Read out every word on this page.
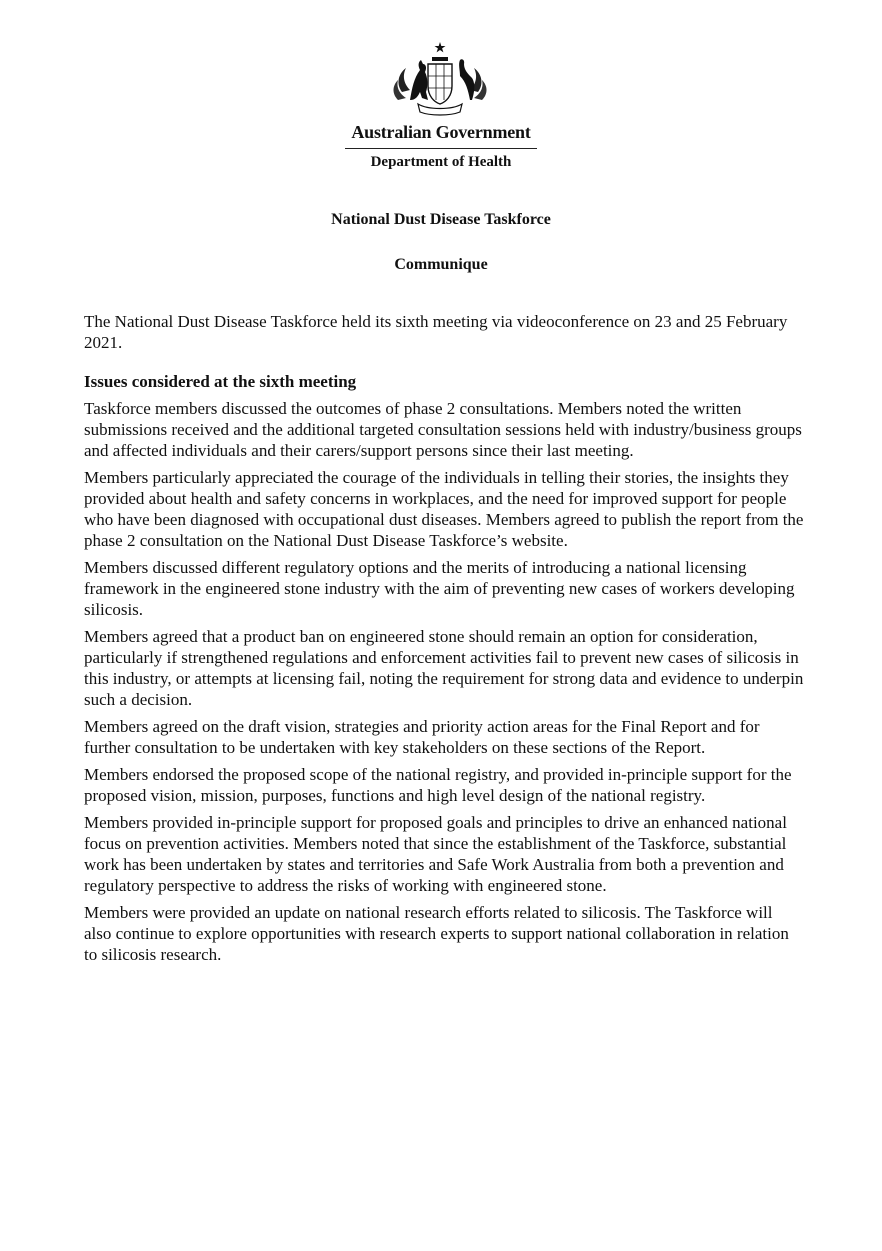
Australian Government
Department of Health
National Dust Disease Taskforce
Communique

The National Dust Disease Taskforce held its sixth meeting via videoconference on 23 and 25 February 2021.

Issues considered at the sixth meeting

Taskforce members discussed the outcomes of phase 2 consultations. Members noted the written submissions received and the additional targeted consultation sessions held with industry/business groups and affected individuals and their carers/support persons since their last meeting.

Members particularly appreciated the courage of the individuals in telling their stories, the insights they provided about health and safety concerns in workplaces, and the need for improved support for people who have been diagnosed with occupational dust diseases. Members agreed to publish the report from the phase 2 consultation on the National Dust Disease Taskforce’s website.

Members discussed different regulatory options and the merits of introducing a national licensing framework in the engineered stone industry with the aim of preventing new cases of workers developing silicosis.

Members agreed that a product ban on engineered stone should remain an option for consideration, particularly if strengthened regulations and enforcement activities fail to prevent new cases of silicosis in this industry, or attempts at licensing fail, noting the requirement for strong data and evidence to underpin such a decision.

Members agreed on the draft vision, strategies and priority action areas for the Final Report and for further consultation to be undertaken with key stakeholders on these sections of the Report.

Members endorsed the proposed scope of the national registry, and provided in-principle support for the proposed vision, mission, purposes, functions and high level design of the national registry.

Members provided in-principle support for proposed goals and principles to drive an enhanced national focus on prevention activities. Members noted that since the establishment of the Taskforce, substantial work has been undertaken by states and territories and Safe Work Australia from both a prevention and regulatory perspective to address the risks of working with engineered stone.

Members were provided an update on national research efforts related to silicosis. The Taskforce will also continue to explore opportunities with research experts to support national collaboration in relation to silicosis research.
